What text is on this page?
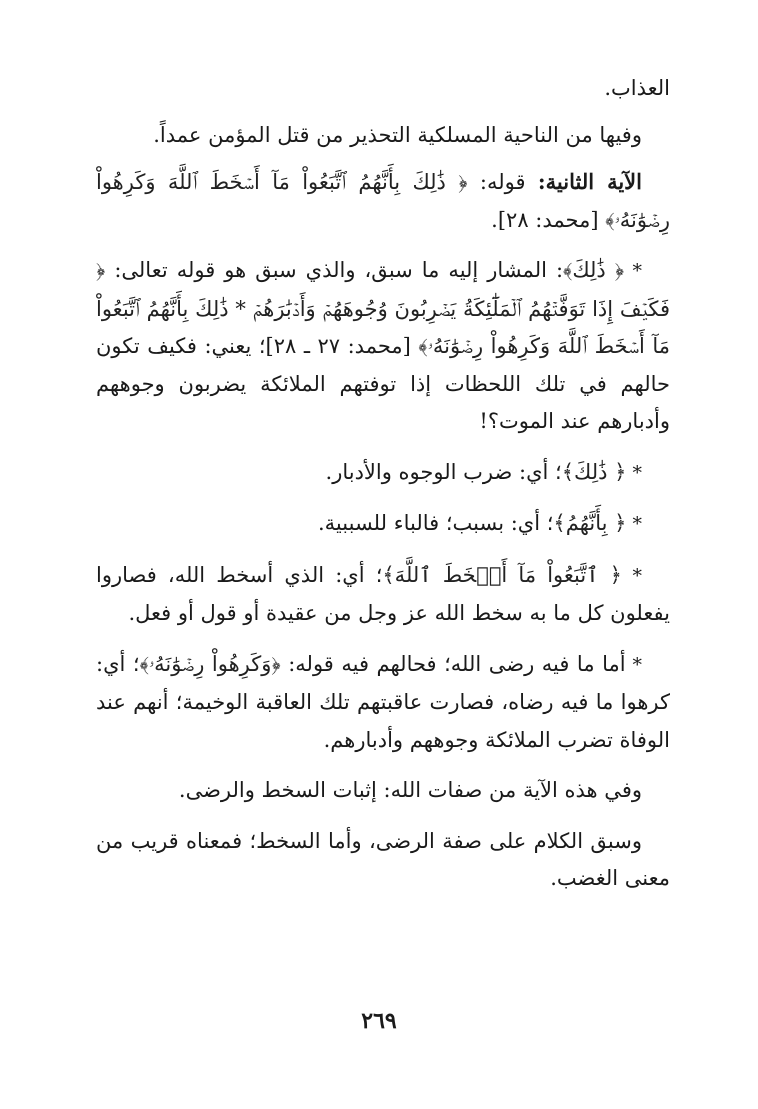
العذاب.

وفيها من الناحية المسلكية التحذير من قتل المؤمن عمداً.

الآية الثانية: قوله: ﴿ ذَٰلِكَ بِأَنَّهُمُ ٱتَّبَعُواْ مَآ أَسۡخَطَ ٱللَّهَ وَكَرِهُواْ رِضۡوَٰنَهُۥ﴾ [محمد: ٢٨].

* ﴿ ذَٰلِكَ﴾: المشار إليه ما سبق، والذي سبق هو قوله تعالى: ﴿ فَكَيۡفَ إِذَا تَوَفَّتۡهُمُ ٱلۡمَلَٰٓئِكَةُ يَضۡرِبُونَ وُجُوهَهُمۡ وَأَدۡبَٰرَهُمۡ * ذَٰلِكَ بِأَنَّهُمُ ٱتَّبَعُواْ مَآ أَسۡخَطَ ٱللَّهَ وَكَرِهُواْ رِضۡوَٰنَهُۥ﴾ [محمد: ٢٧ ـ ٢٨]؛ يعني: فكيف تكون حالهم في تلك اللحظات إذا توفتهم الملائكة يضربون وجوههم وأدبارهم عند الموت؟!

* ﴿ ذَٰلِكَ﴾؛ أي: ضرب الوجوه والأدبار.

* ﴿ بِأَنَّهُمُ﴾؛ أي: بسبب؛ فالباء للسببية.

* ﴿ ٱتَّبَعُواْ مَآ أَسۡخَطَ ٱللَّهَ﴾؛ أي: الذي أسخط الله، فصاروا يفعلون كل ما به سخط الله عز وجل من عقيدة أو قول أو فعل.

* أما ما فيه رضى الله؛ فحالهم فيه قوله: ﴿وَكَرِهُواْ رِضۡوَٰنَهُۥ﴾؛ أي: كرهوا ما فيه رضاه، فصارت عاقبتهم تلك العاقبة الوخيمة؛ أنهم عند الوفاة تضرب الملائكة وجوههم وأدبارهم.

وفي هذه الآية من صفات الله: إثبات السخط والرضى.

وسبق الكلام على صفة الرضى، وأما السخط؛ فمعناه قريب من معنى الغضب.

٢٦٩
